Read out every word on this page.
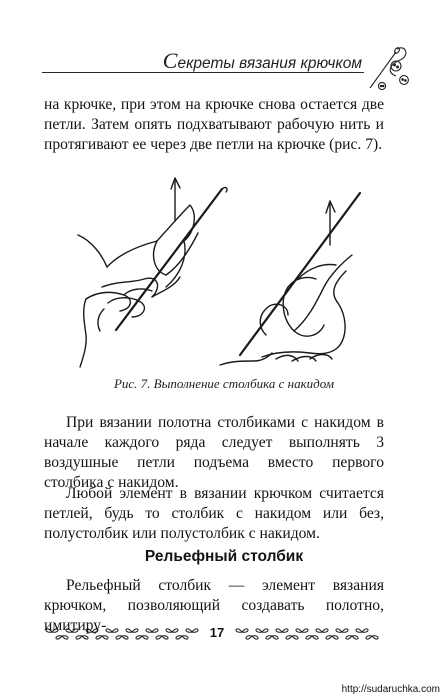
Секреты вязания крючком

на крючке, при этом на крючке снова остается две петли. Затем опять подхватывают рабочую нить и протягивают ее через две петли на крючке (рис. 7).

Рис. 7. Выполнение столбика с накидом

При вязании полотна столбиками с накидом в начале каждого ряда следует выполнять 3 воздушные петли подъема вместо первого столбика с накидом.

Любой элемент в вязании крючком считается петлей, будь то столбик с накидом или без, полустолбик или полустолбик с накидом.

Рельефный столбик

Рельефный столбик — элемент вязания крючком, позволяющий создавать полотно, имитиру-	17
http://sudaruchka.com
